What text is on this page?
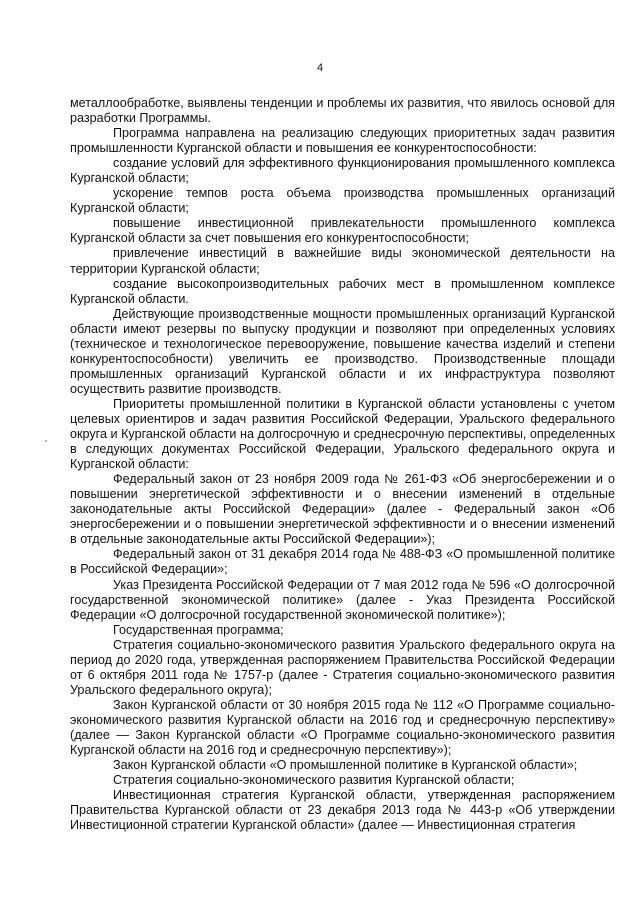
4

металлообработке, выявлены тенденции и проблемы их развития, что явилось основой для разработки Программы.

Программа направлена на реализацию следующих приоритетных задач развития промышленности Курганской области и повышения ее конкурентоспособности:

создание условий для эффективного функционирования промышленного комплекса Курганской области;

ускорение темпов роста объема производства промышленных организаций Курганской области;

повышение инвестиционной привлекательности промышленного комплекса Курганской области за счет повышения его конкурентоспособности;

привлечение инвестиций в важнейшие виды экономической деятельности на территории Курганской области;

создание высокопроизводительных рабочих мест в промышленном комплексе Курганской области.

Действующие производственные мощности промышленных организаций Курганской области имеют резервы по выпуску продукции и позволяют при определенных условиях (техническое и технологическое перевооружение, повышение качества изделий и степени конкурентоспособности) увеличить ее производство. Производственные площади промышленных организаций Курганской области и их инфраструктура позволяют осуществить развитие производств.

Приоритеты промышленной политики в Курганской области установлены с учетом целевых ориентиров и задач развития Российской Федерации, Уральского федерального округа и Курганской области на долгосрочную и среднесрочную перспективы, определенных в следующих документах Российской Федерации, Уральского федерального округа и Курганской области:

Федеральный закон от 23 ноября 2009 года № 261-ФЗ «Об энергосбережении и о повышении энергетической эффективности и о внесении изменений в отдельные законодательные акты Российской Федерации» (далее - Федеральный закон «Об энергосбережении и о повышении энергетической эффективности и о внесении изменений в отдельные законодательные акты Российской Федерации»);

Федеральный закон от 31 декабря 2014 года № 488-ФЗ «О промышленной политике в Российской Федерации»;

Указ Президента Российской Федерации от 7 мая 2012 года № 596 «О долгосрочной государственной экономической политике» (далее - Указ Президента Российской Федерации «О долгосрочной государственной экономической политике»);

Государственная программа;

Стратегия социально-экономического развития Уральского федерального округа на период до 2020 года, утвержденная распоряжением Правительства Российской Федерации от 6 октября 2011 года № 1757-р (далее - Стратегия социально-экономического развития Уральского федерального округа);

Закон Курганской области от 30 ноября 2015 года № 112 «О Программе социально-экономического развития Курганской области на 2016 год и среднесрочную перспективу» (далее — Закон Курганской области «О Программе социально-экономического развития Курганской области на 2016 год и среднесрочную перспективу»);

Закон Курганской области «О промышленной политике в Курганской области»;

Стратегия социально-экономического развития Курганской области;

Инвестиционная стратегия Курганской области, утвержденная распоряжением Правительства Курганской области от 23 декабря 2013 года № 443-р «Об утверждении Инвестиционной стратегии Курганской области» (далее — Инвестиционная стратегия
